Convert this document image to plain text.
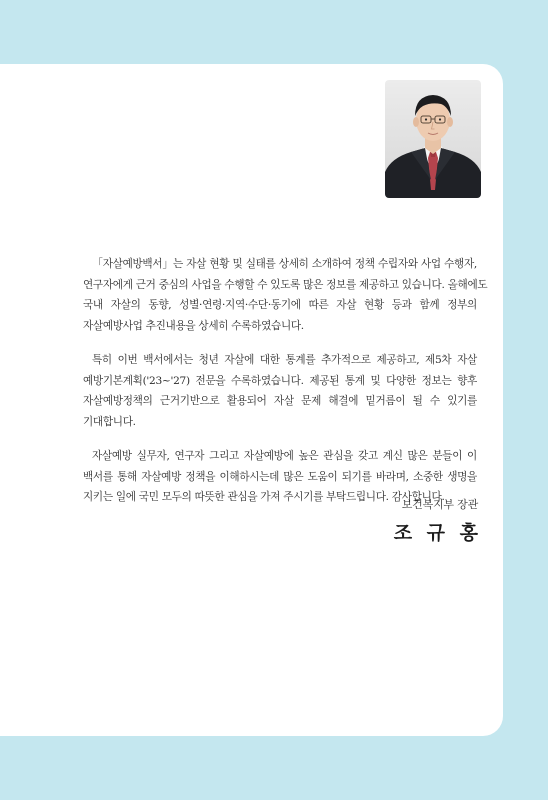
「자살예방백서」는 자살 현황 및 실태를 상세히 소개하여 정책 수립자와 사업 수행자,
연구자에게 근거 중심의 사업을 수행할 수 있도록 많은 정보를 제공하고 있습니다. 올해에도
국내 자살의 동향, 성별·연령·지역·수단·동기에 따른 자살 현황 등과 함께 정부의
자살예방사업 추진내용을 상세히 수록하였습니다.
특히 이번 백서에서는 청년 자살에 대한 통계를 추가적으로 제공하고, 제5차 자살
예방기본계획('23~'27) 전문을 수록하였습니다. 제공된 통계 및 다양한 정보는 향후
자살예방정책의 근거기반으로 활용되어 자살 문제 해결에 밑거름이 될 수 있기를
기대합니다.
자살예방 실무자, 연구자 그리고 자살예방에 높은 관심을 갖고 계신 많은 분들이 이
백서를 통해 자살예방 정책을 이해하시는데 많은 도움이 되기를 바라며, 소중한 생명을
지키는 일에 국민 모두의 따뜻한 관심을 가져 주시기를 부탁드립니다. 감사합니다.
보건복지부 장관
조 규 홍
